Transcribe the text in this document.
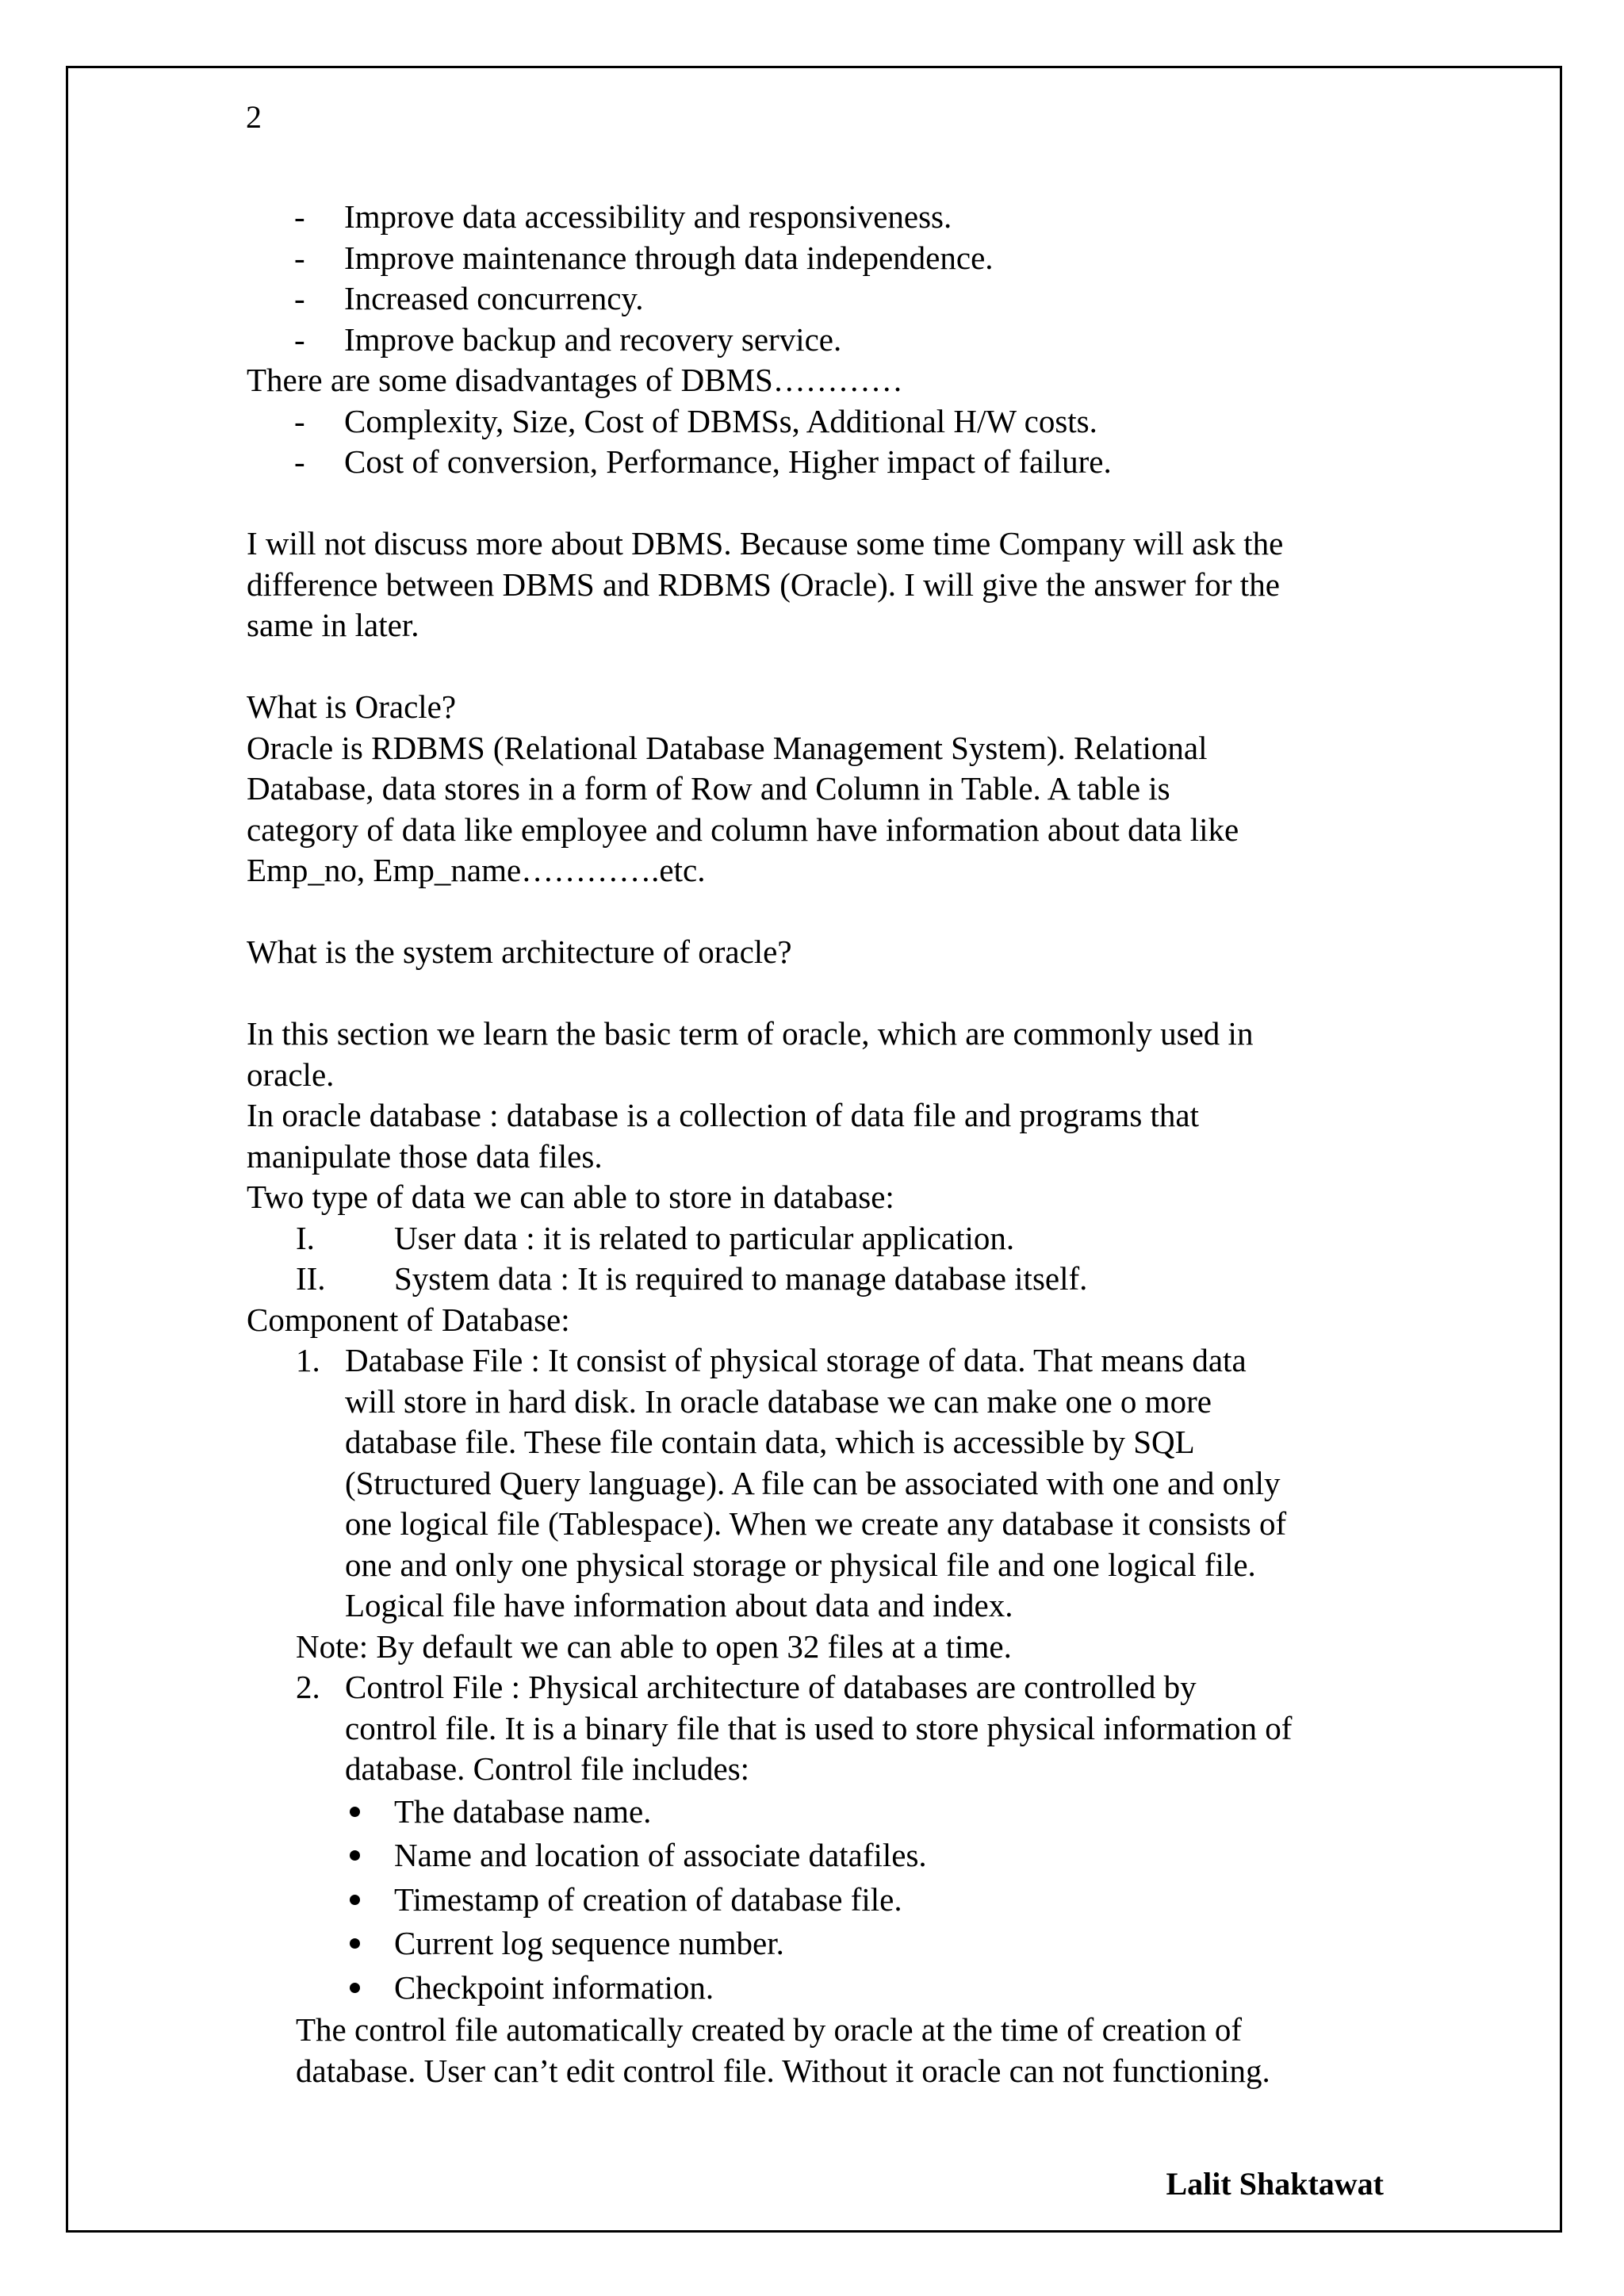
2

- Improve data accessibility and responsiveness.

- Improve maintenance through data independence.

- Increased concurrency.

- Improve backup and recovery service.

There are some disadvantages of DBMS…………

- Complexity, Size, Cost of DBMSs, Additional H/W costs.

- Cost of conversion, Performance, Higher impact of failure.

I will not discuss more about DBMS. Because some time Company will ask the

difference between DBMS and RDBMS (Oracle). I will give the answer for the

same in later.

What is Oracle?

Oracle is RDBMS (Relational Database Management System). Relational

Database, data stores in a form of Row and Column in Table. A table is

category of data like employee and column have information about data like

Emp_no, Emp_name………….etc.

What is the system architecture of oracle?

In this section we learn the basic term of oracle, which are commonly used in

oracle.

In oracle database : database is a collection of data file and programs that

manipulate those data files.

Two type of data we can able to store in database:

I. User data : it is related to particular application.

II. System data : It is required to manage database itself.

Component of Database:

1. Database File : It consist of physical storage of data. That means data

will store in hard disk. In oracle database we can make one o more

database file. These file contain data, which is accessible by SQL

(Structured Query language). A file can be associated with one and only

one logical file (Tablespace). When we create any database it consists of

one and only one physical storage or physical file and one logical file.

Logical file have information about data and index.

Note: By default we can able to open 32 files at a time.

2. Control File : Physical architecture of databases are controlled by

control file. It is a binary file that is used to store physical information of

database. Control file includes:

The database name.

Name and location of associate datafiles.

Timestamp of creation of database file.

Current log sequence number.

Checkpoint information.

The control file automatically created by oracle at the time of creation of

database. User can’t edit control file. Without it oracle can not functioning.

Lalit Shaktawat
